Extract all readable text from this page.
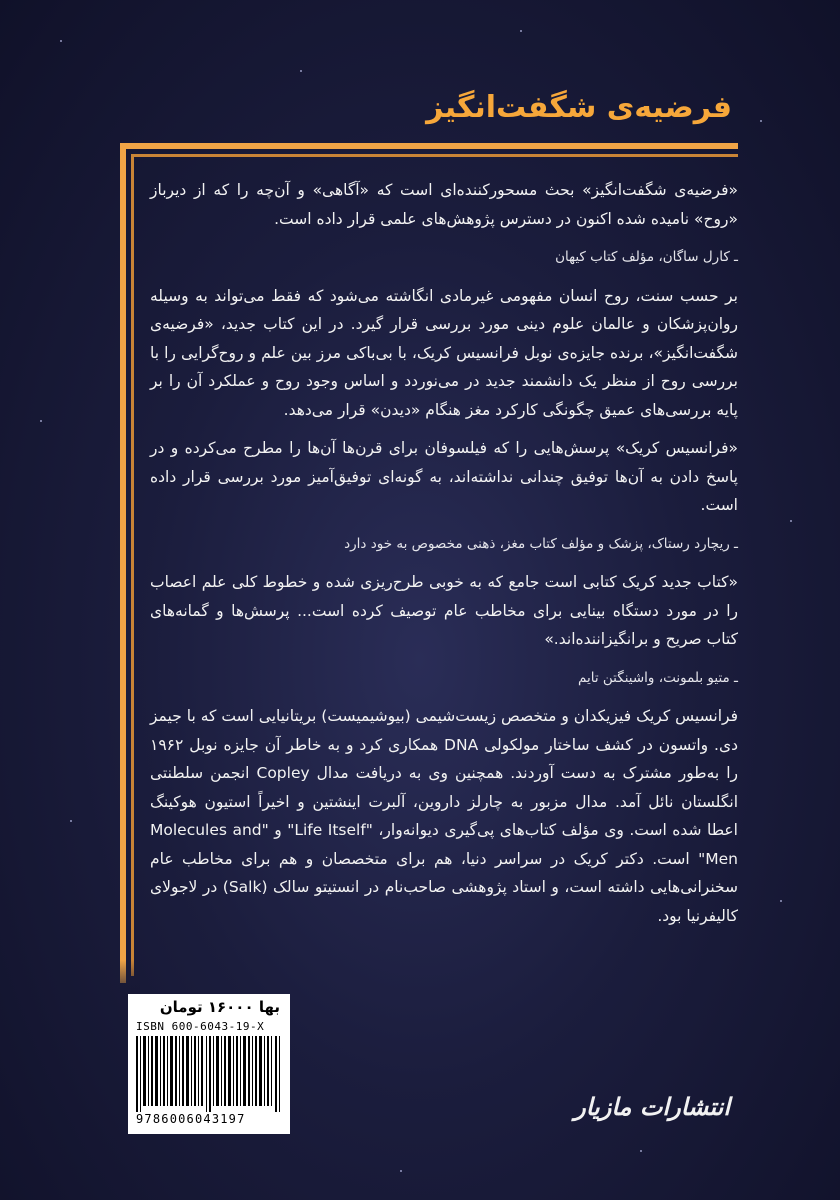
فرضیه‌ی شگفت‌انگیز

«فرضیه‌ی شگفت‌انگیز» بحث مسحورکننده‌ای است که «آگاهی» و آن‌چه را که از دیرباز «روح» نامیده شده اکنون در دسترس پژوهش‌های علمی قرار داده است.

ـ کارل ساگان، مؤلف کتاب کیهان

بر حسب سنت، روح انسان مفهومی غیرمادی انگاشته می‌شود که فقط می‌تواند به وسیله روان‌پزشکان و عالمان علوم دینی مورد بررسی قرار گیرد. در این کتاب جدید، «فرضیه‌ی شگفت‌انگیز»، برنده جایزه‌ی نوبل فرانسیس کریک، با بی‌باکی مرز بین علم و روح‌گرایی را با بررسی روح از منظر یک دانشمند جدید در می‌نوردد و اساس وجود روح و عملکرد آن را بر پایه بررسی‌های عمیق چگونگی کارکرد مغز هنگام «دیدن» قرار می‌دهد.

«فرانسیس کریک» پرسش‌هایی را که فیلسوفان برای قرن‌ها آن‌ها را مطرح می‌کرده و در پاسخ دادن به آن‌ها توفیق چندانی نداشته‌اند، به گونه‌ای توفیق‌آمیز مورد بررسی قرار داده است.

ـ ریچارد رستاک، پزشک و مؤلف کتاب مغز، ذهنی مخصوص به خود دارد

«کتاب جدید کریک کتابی است جامع که به خوبی طرح‌ریزی شده و خطوط کلی علم اعصاب را در مورد دستگاه بینایی برای مخاطب عام توصیف کرده است... پرسش‌ها و گمانه‌های کتاب صریح و برانگیزاننده‌اند.»

ـ متیو بلمونت، واشینگتن تایم

فرانسیس کریک فیزیکدان و متخصص زیست‌شیمی (بیوشیمیست) بریتانیایی است که با جیمز دی. واتسون در کشف ساختار مولکولی DNA همکاری کرد و به خاطر آن جایزه نوبل ۱۹۶۲ را به‌طور مشترک به دست آوردند. همچنین وی به دریافت مدال Copley انجمن سلطنتی انگلستان نائل آمد. مدال مزبور به چارلز داروین، آلبرت اینشتین و اخیراً استیون هوکینگ اعطا شده است. وی مؤلف کتاب‌های پی‌گیری دیوانه‌وار، "Life Itself" و "Molecules and Men" است. دکتر کریک در سراسر دنیا، هم برای متخصصان و هم برای مخاطب عام سخنرانی‌هایی داشته است، و استاد پژوهشی صاحب‌نام در انستیتو سالک (Salk) در لاجولای کالیفرنیا بود.

بها ۱۶۰۰۰ تومان
ISBN 600-6043-19-X
9786006043197	انتشارات مازیار
